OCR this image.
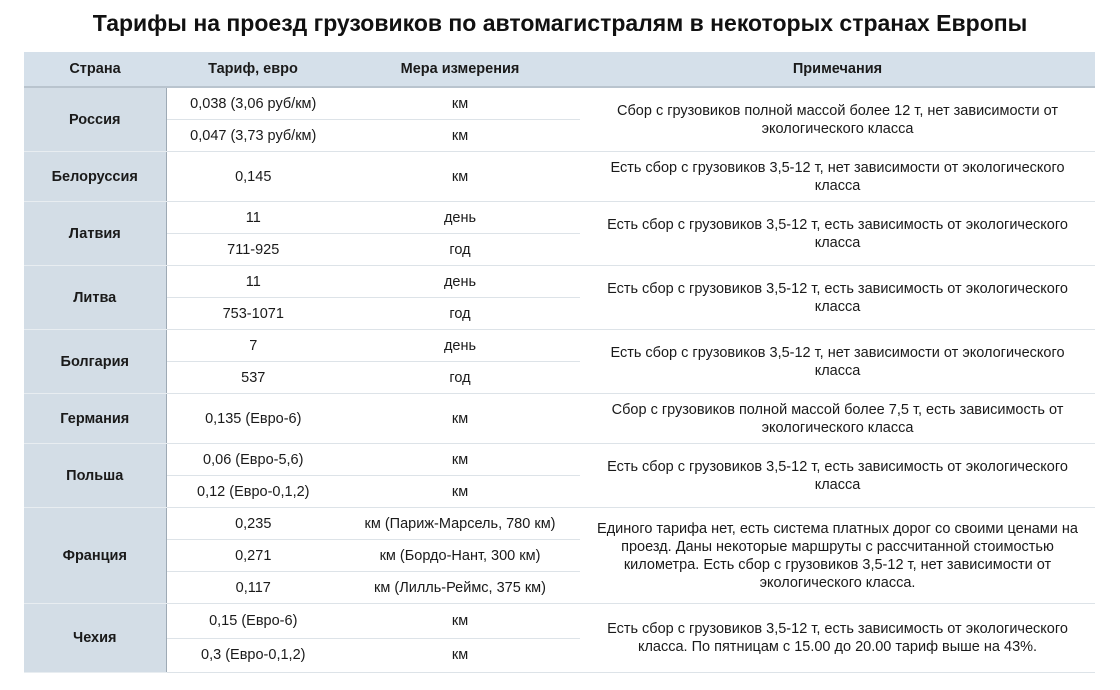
Тарифы на проезд грузовиков по автомагистралям в некоторых странах Европы
Страна	Тариф, евро	Мера измерения	Примечания
Россия	0,038 (3,06 руб/км)	км	Сбор с грузовиков полной массой более 12 т, нет зависимости от экологического класса
	0,047 (3,73 руб/км)	км	
Белоруссия	0,145	км	Есть сбор с грузовиков 3,5-12 т, нет зависимости от экологического класса
Латвия	11	день	Есть сбор с грузовиков 3,5-12 т, есть зависимость от экологического класса
	711-925	год	
Литва	11	день	Есть сбор с грузовиков 3,5-12 т, есть зависимость от экологического класса
	753-1071	год	
Болгария	7	день	Есть сбор с грузовиков 3,5-12 т, нет зависимости от экологического класса
	537	год	
Германия	0,135 (Евро-6)	км	Сбор с грузовиков полной массой более 7,5 т, есть зависимость от экологического класса
Польша	0,06 (Евро-5,6)	км	Есть сбор с грузовиков 3,5-12 т, есть зависимость от экологического класса
	0,12 (Евро-0,1,2)	км	
Франция	0,235	км (Париж-Марсель, 780 км)	Единого тарифа нет, есть система платных дорог со своими ценами на проезд. Даны некоторые маршруты с рассчитанной стоимостью километра. Есть сбор с грузовиков 3,5-12 т, нет зависимости от экологического класса.
	0,271	км (Бордо-Нант, 300 км)	
	0,117	км (Лилль-Реймс, 375 км)	
Чехия	0,15 (Евро-6)	км	Есть сбор с грузовиков 3,5-12 т, есть зависимость от экологического класса. По пятницам с 15.00 до 20.00 тариф выше на 43%.
	0,3 (Евро-0,1,2)	км	
